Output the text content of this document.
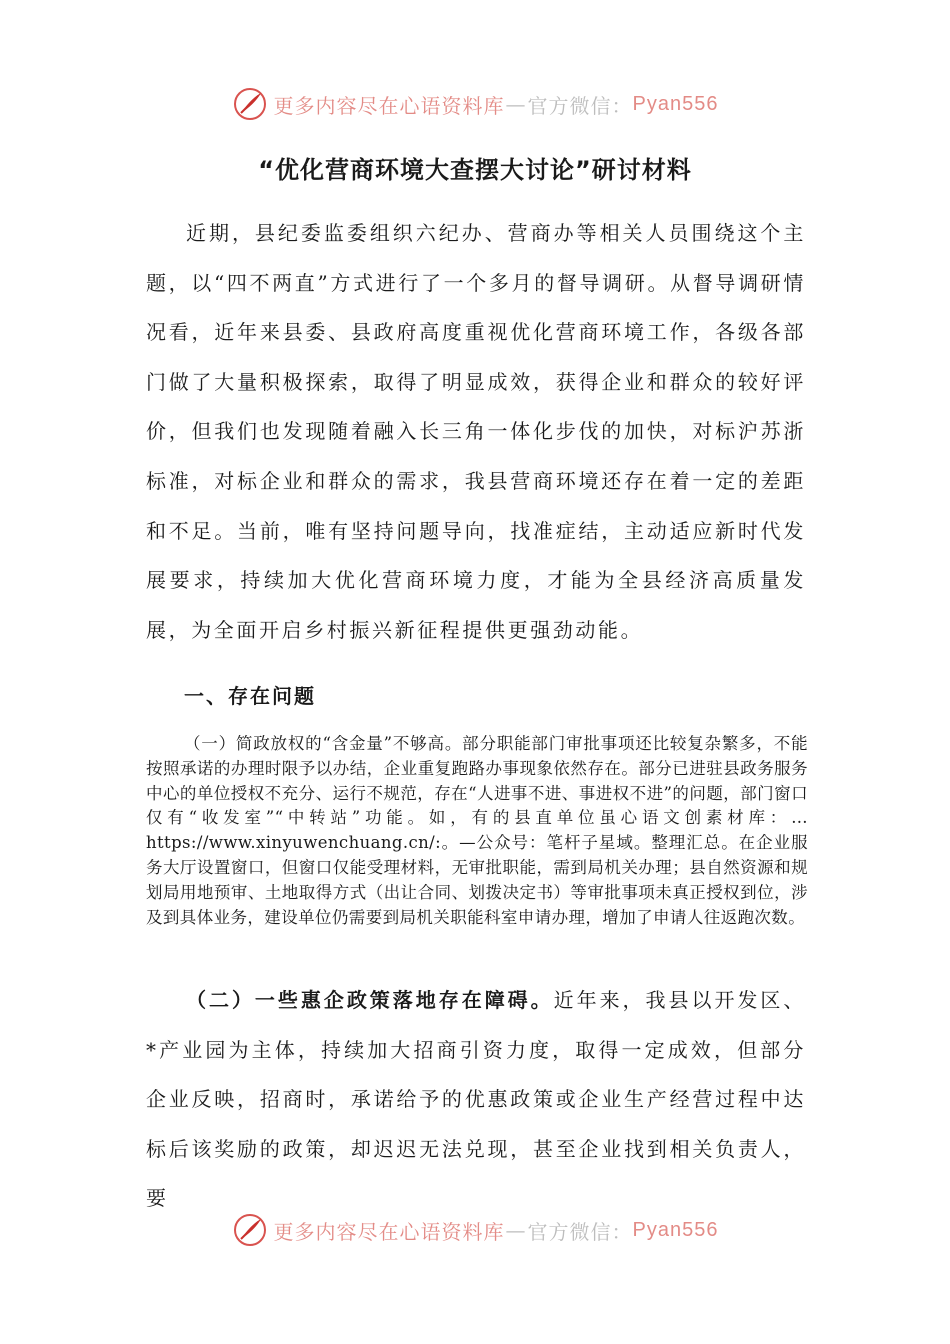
更多内容尽在心语资料库 — 官方微信： Pyan556
“优化营商环境大查摆大讨论”研讨材料

近期，县纪委监委组织六纪办、营商办等相关人员围绕这个主题，以“四不两直”方式进行了一个多月的督导调研。从督导调研情况看，近年来县委、县政府高度重视优化营商环境工作，各级各部门做了大量积极探索，取得了明显成效，获得企业和群众的较好评价，但我们也发现随着融入长三角一体化步伐的加快，对标沪苏浙标准，对标企业和群众的需求，我县营商环境还存在着一定的差距和不足。当前，唯有坚持问题导向，找准症结，主动适应新时代发展要求，持续加大优化营商环境力度，才能为全县经济高质量发展，为全面开启乡村振兴新征程提供更强劲动能。

一、存在问题

（一）简政放权的“含金量”不够高。部分职能部门审批事项还比较复杂繁多，不能按照承诺的办理时限予以办结，企业重复跑路办事现象依然存在。部分已进驻县政务服务中心的单位授权不充分、运行不规范，存在“人进事不进、事进权不进”的问题，部门窗口仅有“收发室”“中转站”功能。如，有的县直单位虽心语文创素材库：…https://www.xinyuwenchuang.cn/:。—公众号：笔杆子星域。整理汇总。在企业服务大厅设置窗口，但窗口仅能受理材料，无审批职能，需到局机关办理；县自然资源和规划局用地预审、土地取得方式（出让合同、划拨决定书）等审批事项未真正授权到位，涉及到具体业务，建设单位仍需要到局机关职能科室申请办理，增加了申请人往返跑次数。

（二）一些惠企政策落地存在障碍。近年来，我县以开发区、*产业园为主体，持续加大招商引资力度，取得一定成效，但部分企业反映，招商时，承诺给予的优惠政策或企业生产经营过程中达标后该奖励的政策，却迟迟无法兑现，甚至企业找到相关负责人，要

更多内容尽在心语资料库 — 官方微信： Pyan556
